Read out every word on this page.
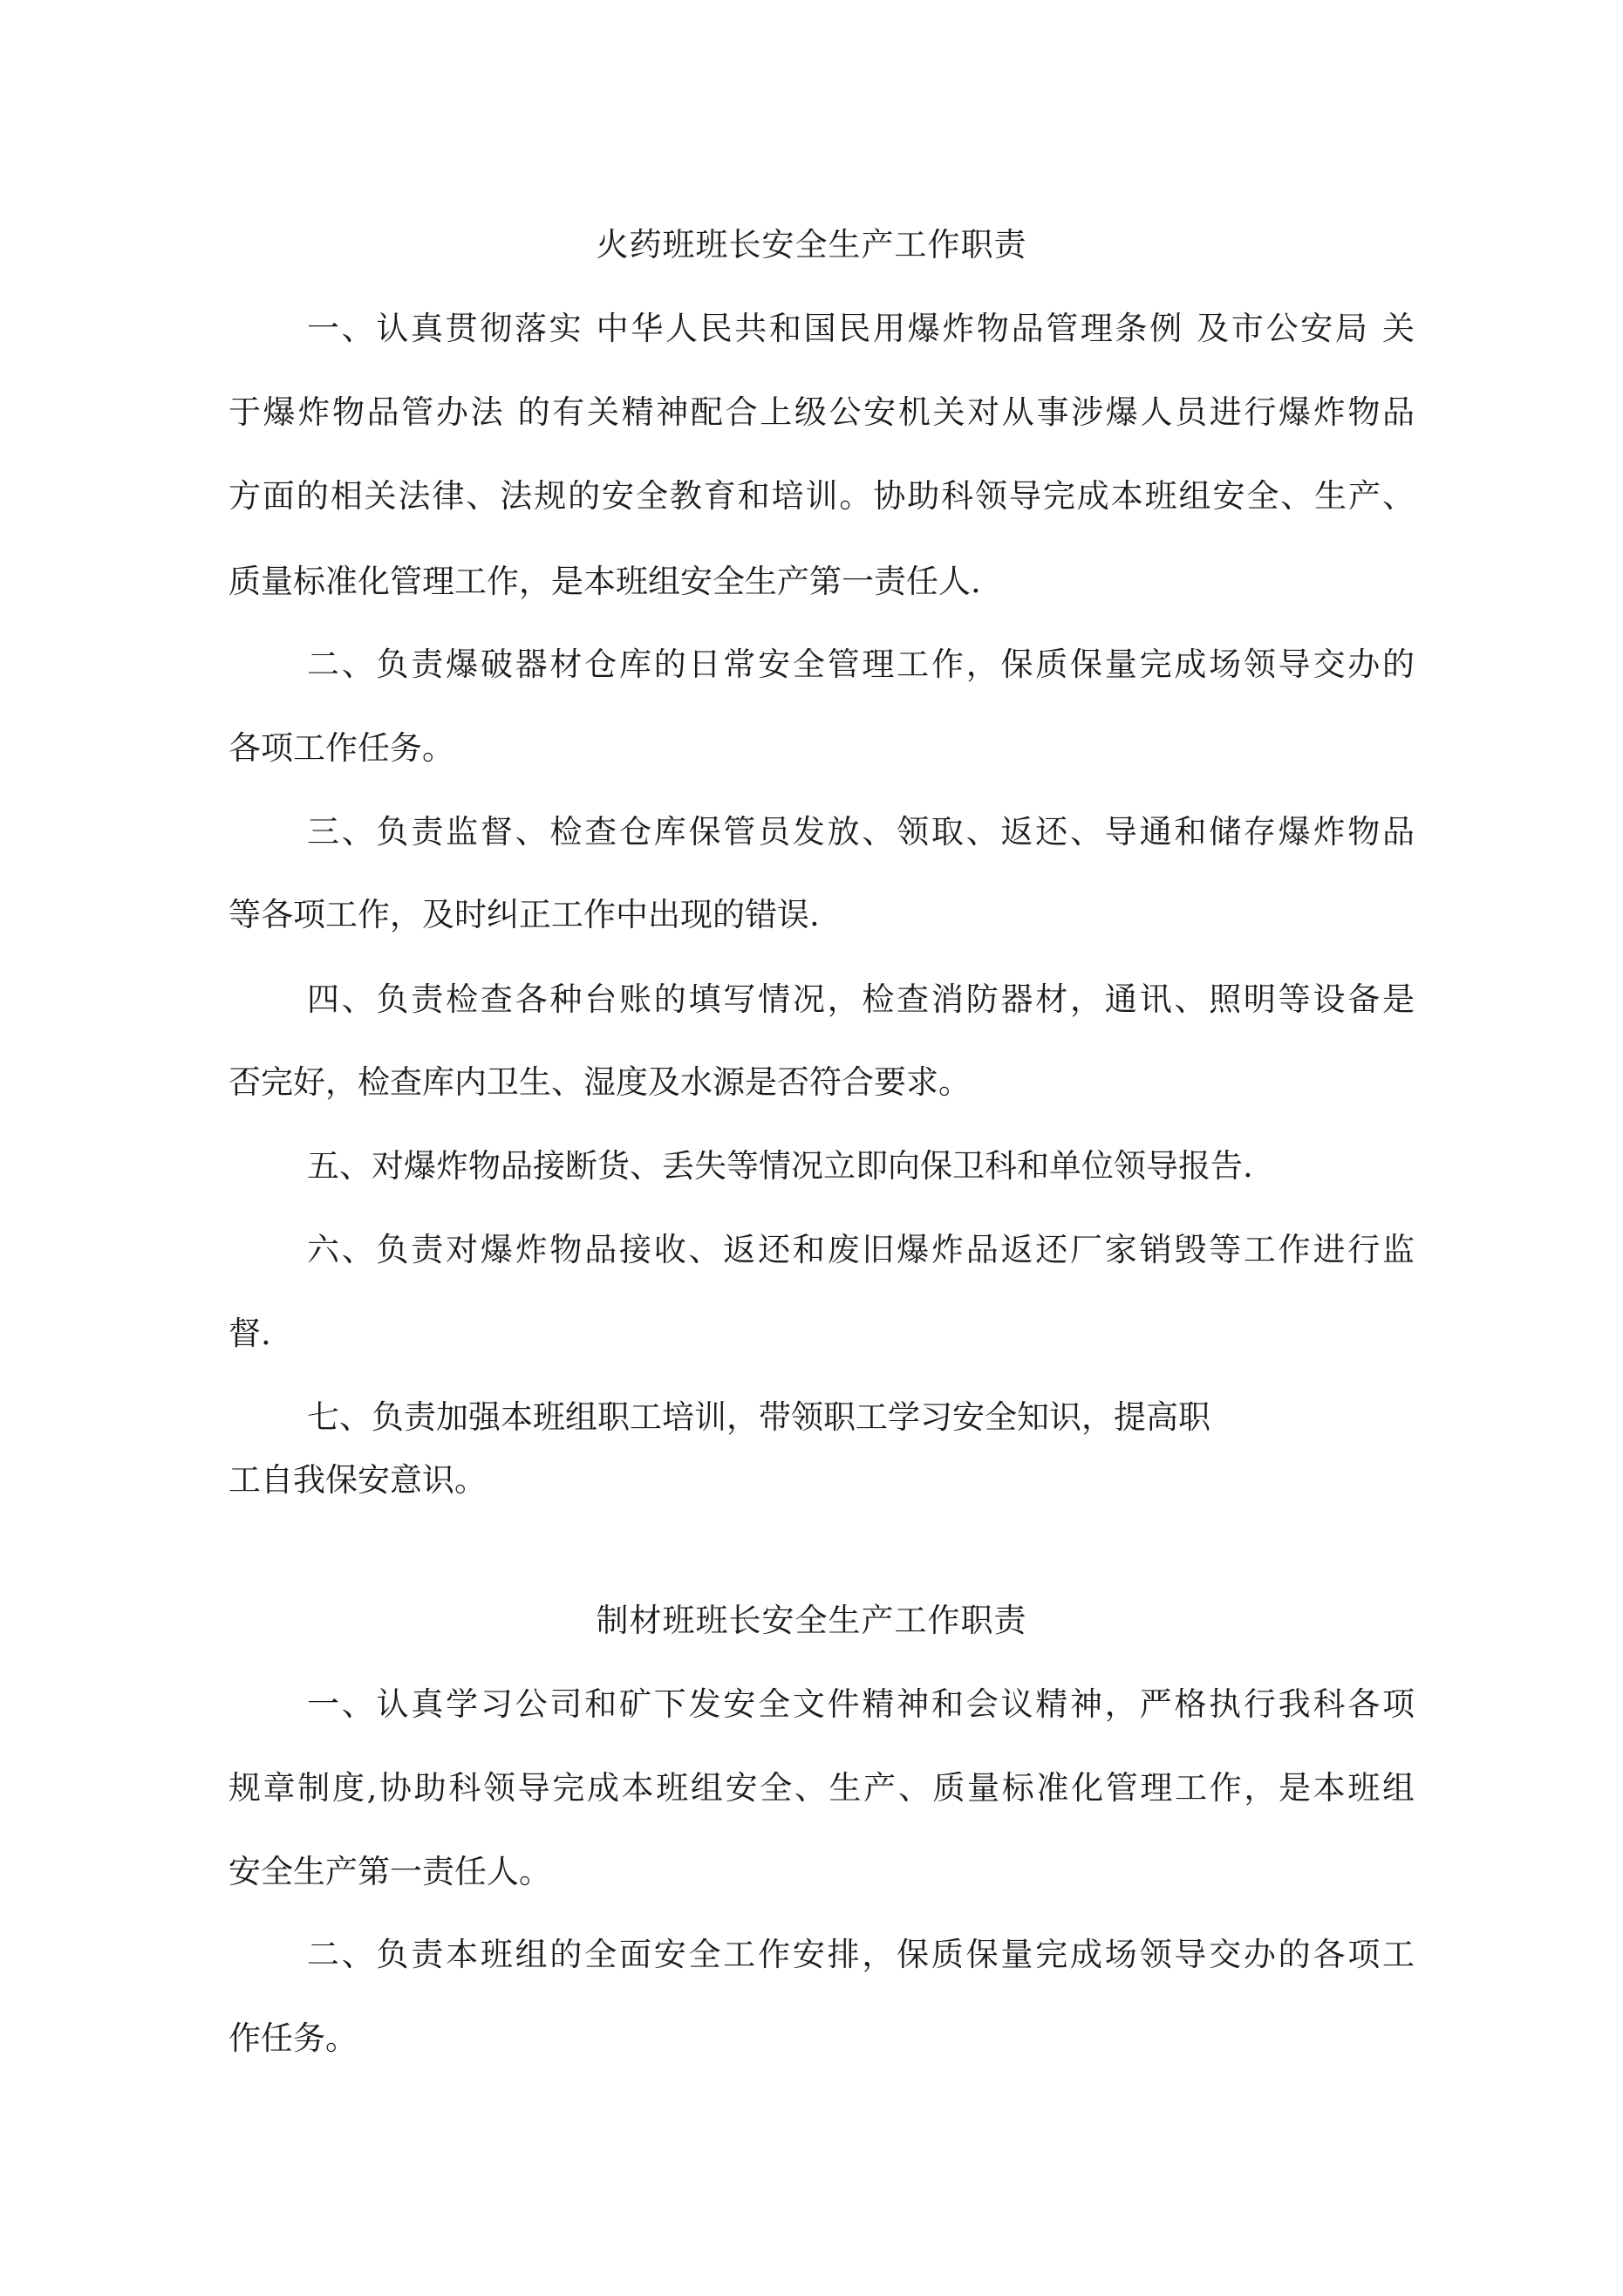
火药班班长安全生产工作职责
一、认真贯彻落实 中华人民共和国民用爆炸物品管理条例 及市公安局 关
于爆炸物品管办法 的有关精神配合上级公安机关对从事涉爆人员进行爆炸物品
方面的相关法律、法规的安全教育和培训。协助科领导完成本班组安全、生产、
质量标准化管理工作，是本班组安全生产第一责任人.
二、负责爆破器材仓库的日常安全管理工作，保质保量完成场领导交办的
各项工作任务。
三、负责监督、检查仓库保管员发放、领取、返还、导通和储存爆炸物品
等各项工作，及时纠正工作中出现的错误.
四、负责检查各种台账的填写情况，检查消防器材，通讯、照明等设备是
否完好，检查库内卫生、湿度及水源是否符合要求。
五、对爆炸物品接断货、丢失等情况立即向保卫科和单位领导报告.
六、负责对爆炸物品接收、返还和废旧爆炸品返还厂家销毁等工作进行监
督.
七、负责加强本班组职工培训，带领职工学习安全知识，提高职
工自我保安意识。
制材班班长安全生产工作职责
一、认真学习公司和矿下发安全文件精神和会议精神，严格执行我科各项
规章制度,协助科领导完成本班组安全、生产、质量标准化管理工作，是本班组
安全生产第一责任人。
二、负责本班组的全面安全工作安排，保质保量完成场领导交办的各项工
作任务。
